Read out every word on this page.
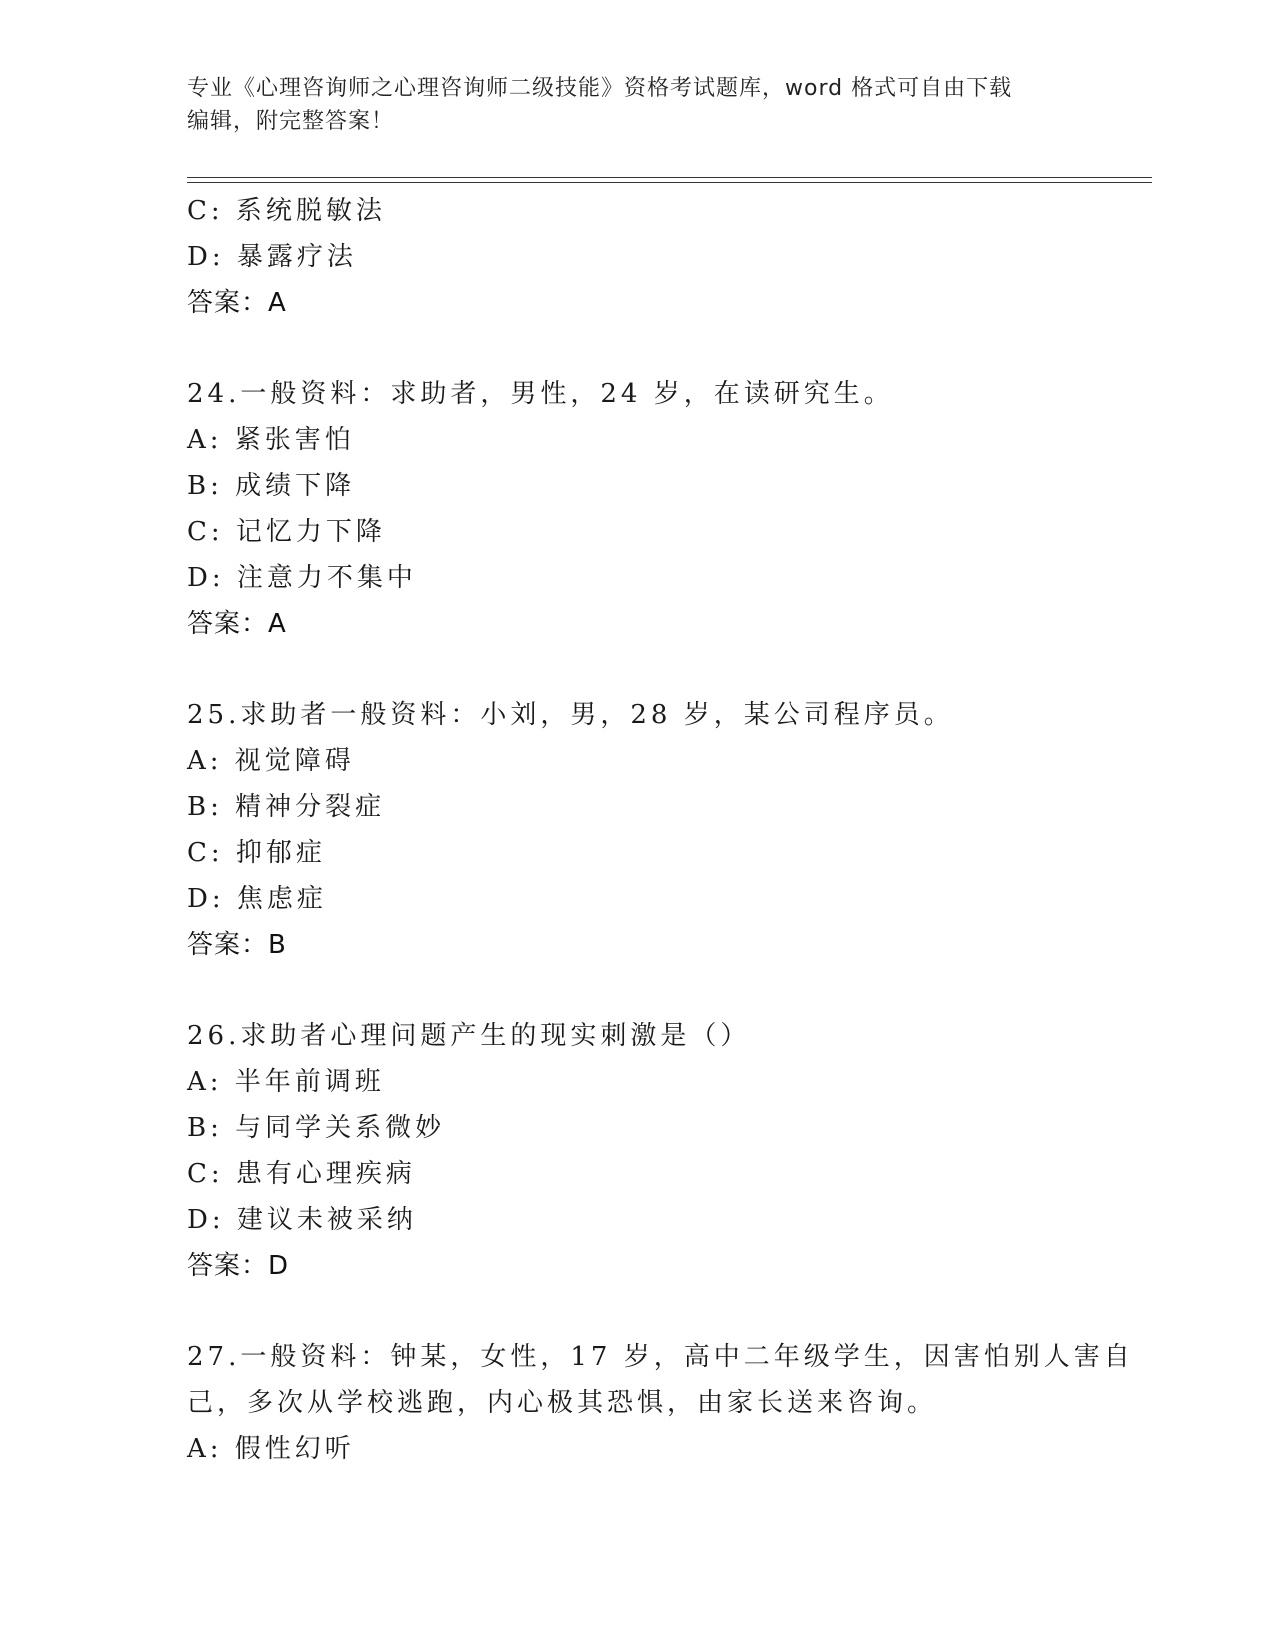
专业《心理咨询师之心理咨询师二级技能》资格考试题库，word 格式可自由下载
编辑，附完整答案！
C: 系统脱敏法
D: 暴露疗法
答案：A
24.一般资料：求助者，男性，24 岁，在读研究生。
A: 紧张害怕
B: 成绩下降
C: 记忆力下降
D: 注意力不集中
答案：A
25.求助者一般资料：小刘，男，28 岁，某公司程序员。
A: 视觉障碍
B: 精神分裂症
C: 抑郁症
D: 焦虑症
答案：B
26.求助者心理问题产生的现实刺激是（）
A: 半年前调班
B: 与同学关系微妙
C: 患有心理疾病
D: 建议未被采纳
答案：D
27.一般资料：钟某，女性，17 岁，高中二年级学生，因害怕别人害自
己，多次从学校逃跑，内心极其恐惧，由家长送来咨询。
A: 假性幻听
